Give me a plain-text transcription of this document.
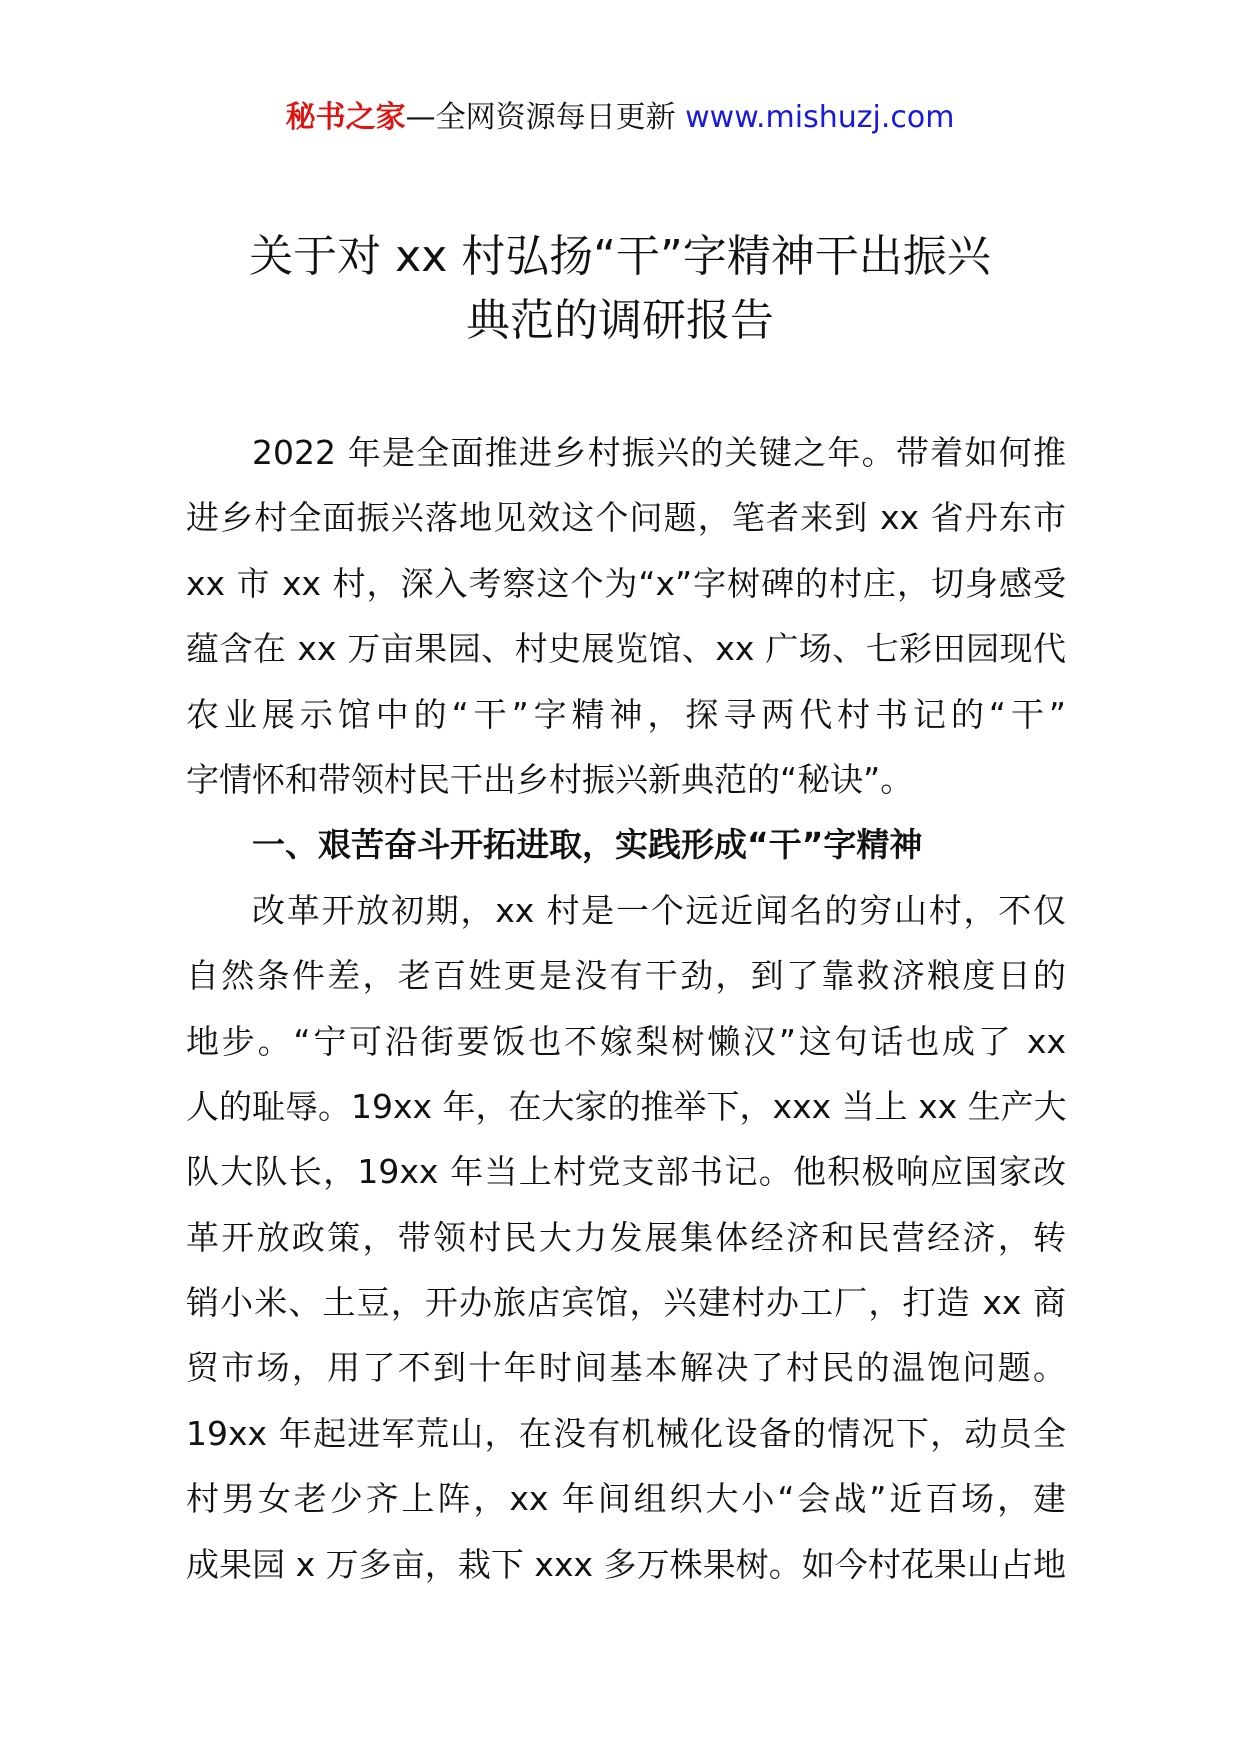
秘书之家—全网资源每日更新 www.mishuzj.com
关于对 xx 村弘扬“干”字精神干出振兴
典范的调研报告
2022 年是全面推进乡村振兴的关键之年。带着如何推
进乡村全面振兴落地见效这个问题，笔者来到 xx 省丹东市
xx 市 xx 村，深入考察这个为“x”字树碑的村庄，切身感受
蕴含在 xx 万亩果园、村史展览馆、xx 广场、七彩田园现代
农业展示馆中的“干”字精神，探寻两代村书记的“干”
字情怀和带领村民干出乡村振兴新典范的“秘诀”。
一、艰苦奋斗开拓进取，实践形成“干”字精神
改革开放初期，xx 村是一个远近闻名的穷山村，不仅
自然条件差，老百姓更是没有干劲，到了靠救济粮度日的
地步。“宁可沿街要饭也不嫁梨树懒汉”这句话也成了 xx
人的耻辱。19xx 年，在大家的推举下，xxx 当上 xx 生产大
队大队长，19xx 年当上村党支部书记。他积极响应国家改
革开放政策，带领村民大力发展集体经济和民营经济，转
销小米、土豆，开办旅店宾馆，兴建村办工厂，打造 xx 商
贸市场，用了不到十年时间基本解决了村民的温饱问题。
19xx 年起进军荒山，在没有机械化设备的情况下，动员全
村男女老少齐上阵，xx 年间组织大小“会战”近百场，建
成果园 x 万多亩，栽下 xxx 多万株果树。如今村花果山占地
